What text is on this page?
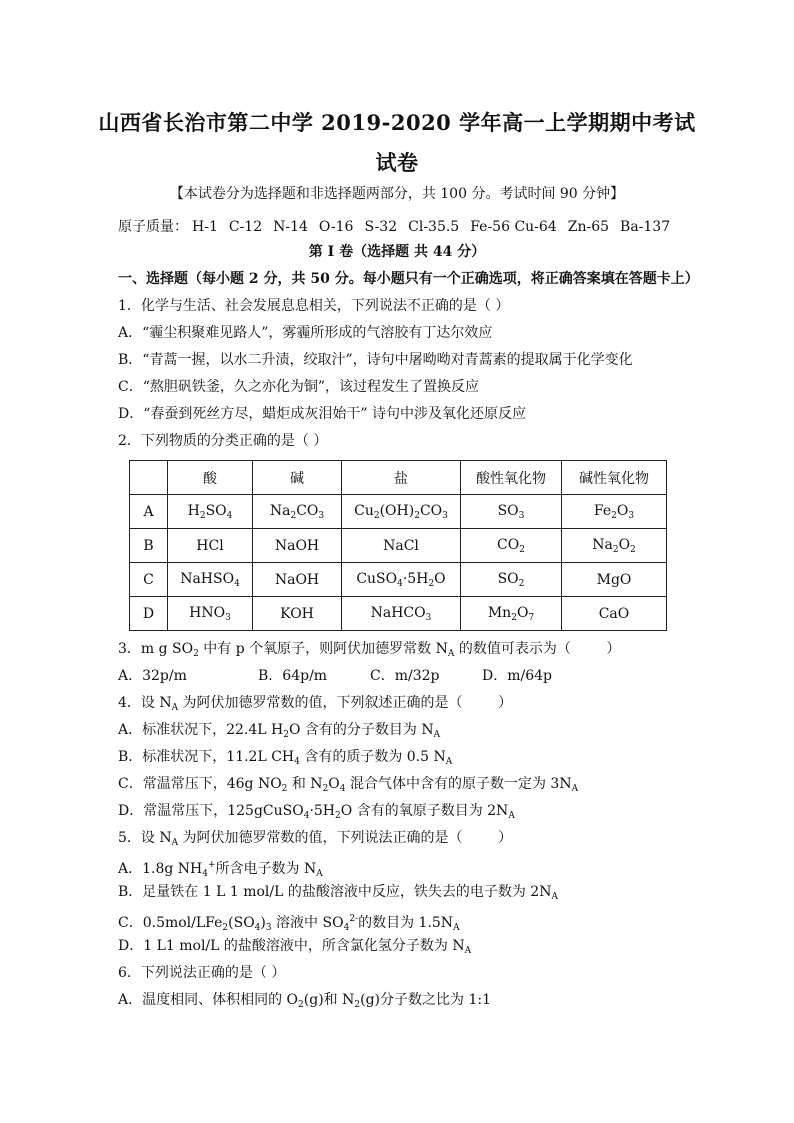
山西省长治市第二中学 2019-2020 学年高一上学期期中考试
试卷
【本试卷分为选择题和非选择题两部分，共 100 分。考试时间 90 分钟】
原子质量： H-1 C-12 N-14 O-16 S-32 Cl-35.5 Fe-56 Cu-64 Zn-65 Ba-137
第 I 卷（选择题 共 44 分）
一、选择题（每小题 2 分，共 50 分。每小题只有一个正确选项，将正确答案填在答题卡上）
1．化学与生活、社会发展息息相关，下列说法不正确的是（ ）
A．“霾尘积聚难见路人”，雾霾所形成的气溶胶有丁达尔效应
B．“青蒿一握，以水二升渍，绞取汁”，诗句中屠呦呦对青蒿素的提取属于化学变化
C．“熬胆矾铁釜，久之亦化为铜”，该过程发生了置换反应
D．“春蚕到死丝方尽，蜡炬成灰泪始干” 诗句中涉及氧化还原反应
2．下列物质的分类正确的是（ ）
	酸	碱	盐	酸性氧化物	碱性氧化物
A	$H_2SO_4$	$Na_2CO_3$	$Cu_2(OH)_2CO_3$	$SO_3$	$Fe_2O_3$
B	HCl	NaOH	NaCl	$CO_2$	$Na_2O_2$
C	NaHSO$_4$	NaOH	$CuSO_4\cdot 5H_2O$	$SO_2$	MgO
D	$HNO_3$	KOH	NaHCO$_3$	$Mn_2O_7$	CaO
3．m g $SO_2$ 中有 p 个氧原子，则阿伏加德罗常数 $N_A$ 的数值可表示为（        ）
A．32p/m	B．64p/m	C．m/32p	D．m/64p
4．设 $N_A$ 为阿伏加德罗常数的值，下列叙述正确的是（        ）
A．标准状况下，22.4L $H_2O$ 含有的分子数目为 $N_A$
B．标准状况下，11.2L $CH_4$ 含有的质子数为 0.5 $N_A$
C．常温常压下，46g $NO_2$ 和 $N_2O_4$ 混合气体中含有的原子数一定为 $3N_A$
D．常温常压下，$125gCuSO_4\cdot 5H_2O$ 含有的氧原子数目为 $2N_A$
5．设 $N_A$ 为阿伏加德罗常数的值，下列说法正确的是（        ）
A．1.8g $NH_4^+$所含电子数为 $N_A$
B．足量铁在 1 L 1 mol/L 的盐酸溶液中反应，铁失去的电子数为 $2N_A$
C．$0.5mol/LFe_2(SO_4)_3$ 溶液中 $SO_4^{2-}$的数目为 $1.5N_A$
D．1 L1 mol/L 的盐酸溶液中，所含氯化氢分子数为 $N_A$
6．下列说法正确的是（ ）
A．温度相同、体积相同的 $O_2(g)$和 $N_2(g)$分子数之比为 1:1
